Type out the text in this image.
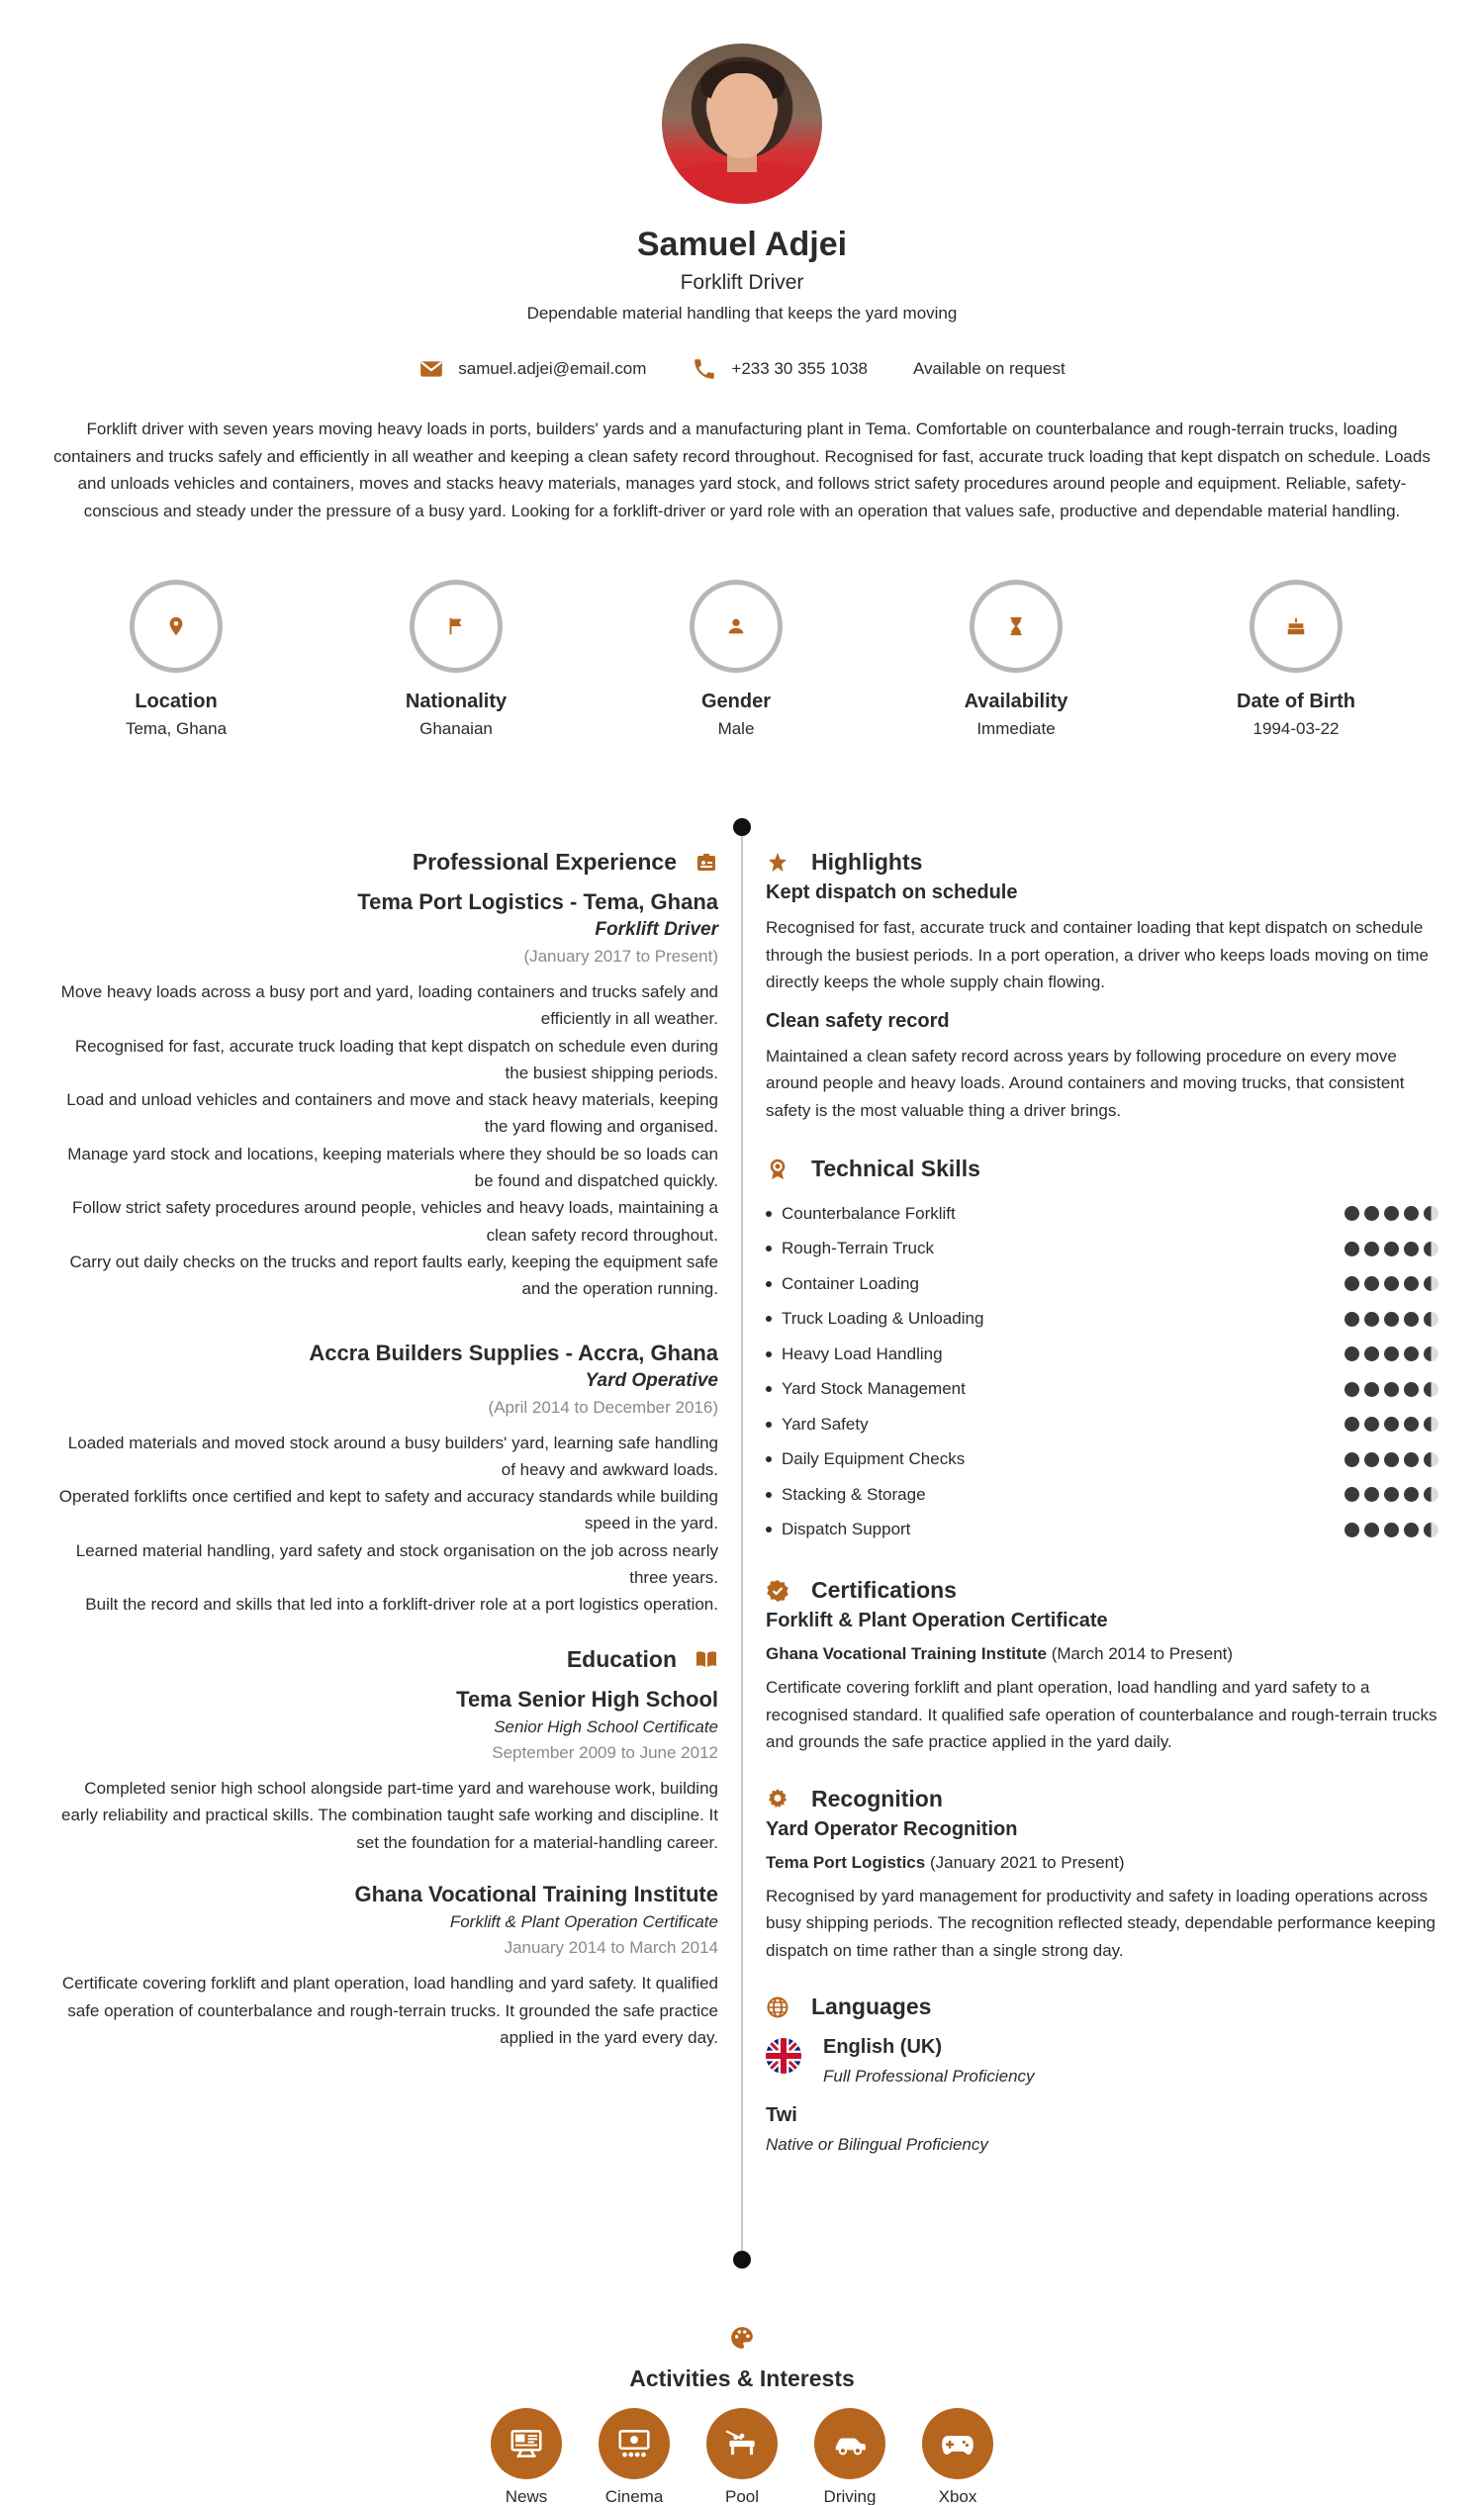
Samuel Adjei
Forklift Driver
Dependable material handling that keeps the yard moving
samuel.adjei@email.com	+233 30 355 1038	Available on request
Forklift driver with seven years moving heavy loads in ports, builders' yards and a manufacturing plant in Tema. Comfortable on counterbalance and rough-terrain trucks, loading containers and trucks safely and efficiently in all weather and keeping a clean safety record throughout. Recognised for fast, accurate truck loading that kept dispatch on schedule. Loads and unloads vehicles and containers, moves and stacks heavy materials, manages yard stock, and follows strict safety procedures around people and equipment. Reliable, safety-conscious and steady under the pressure of a busy yard. Looking for a forklift-driver or yard role with an operation that values safe, productive and dependable material handling.
Location
Tema, Ghana
Nationality
Ghanaian
Gender
Male
Availability
Immediate
Date of Birth
1994-03-22
Professional Experience
Tema Port Logistics - Tema, Ghana
Forklift Driver
(January 2017 to Present)
Move heavy loads across a busy port and yard, loading containers and trucks safely and efficiently in all weather.
Recognised for fast, accurate truck loading that kept dispatch on schedule even during the busiest shipping periods.
Load and unload vehicles and containers and move and stack heavy materials, keeping the yard flowing and organised.
Manage yard stock and locations, keeping materials where they should be so loads can be found and dispatched quickly.
Follow strict safety procedures around people, vehicles and heavy loads, maintaining a clean safety record throughout.
Carry out daily checks on the trucks and report faults early, keeping the equipment safe and the operation running.
Accra Builders Supplies - Accra, Ghana
Yard Operative
(April 2014 to December 2016)
Loaded materials and moved stock around a busy builders' yard, learning safe handling of heavy and awkward loads.
Operated forklifts once certified and kept to safety and accuracy standards while building speed in the yard.
Learned material handling, yard safety and stock organisation on the job across nearly three years.
Built the record and skills that led into a forklift-driver role at a port logistics operation.
Education
Tema Senior High School
Senior High School Certificate
September 2009 to June 2012
Completed senior high school alongside part-time yard and warehouse work, building early reliability and practical skills. The combination taught safe working and discipline. It set the foundation for a material-handling career.
Ghana Vocational Training Institute
Forklift & Plant Operation Certificate
January 2014 to March 2014
Certificate covering forklift and plant operation, load handling and yard safety. It qualified safe operation of counterbalance and rough-terrain trucks. It grounded the safe practice applied in the yard every day.
Highlights
Kept dispatch on schedule
Recognised for fast, accurate truck and container loading that kept dispatch on schedule through the busiest periods. In a port operation, a driver who keeps loads moving on time directly keeps the whole supply chain flowing.
Clean safety record
Maintained a clean safety record across years by following procedure on every move around people and heavy loads. Around containers and moving trucks, that consistent safety is the most valuable thing a driver brings.
Technical Skills
Counterbalance Forklift
Rough-Terrain Truck
Container Loading
Truck Loading & Unloading
Heavy Load Handling
Yard Stock Management
Yard Safety
Daily Equipment Checks
Stacking & Storage
Dispatch Support
Certifications
Forklift & Plant Operation Certificate
Ghana Vocational Training Institute (March 2014 to Present)
Certificate covering forklift and plant operation, load handling and yard safety to a recognised standard. It qualified safe operation of counterbalance and rough-terrain trucks and grounds the safe practice applied in the yard daily.
Recognition
Yard Operator Recognition
Tema Port Logistics (January 2021 to Present)
Recognised by yard management for productivity and safety in loading operations across busy shipping periods. The recognition reflected steady, dependable performance keeping dispatch on time rather than a single strong day.
Languages
English (UK)
Full Professional Proficiency
Twi
Native or Bilingual Proficiency
Activities & Interests
News	Cinema	Pool	Driving	Xbox
